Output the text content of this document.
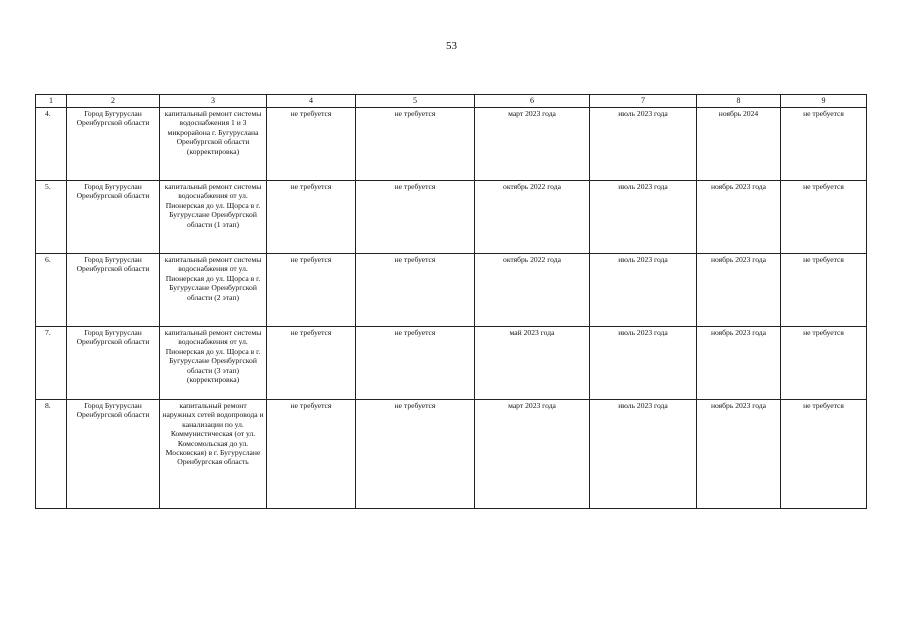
53
1	2	3	4	5	6	7	8	9
4.	Город Бугуруслан Оренбургской области	капитальный ремонт системы водоснабжения 1 и 3 микрорайона г. Бугуруслана Оренбургской области (корректировка)	не требуется	не требуется	март 2023 года	июль 2023 года	ноябрь 2024	не требуется
5.	Город Бугуруслан Оренбургской области	капитальный ремонт системы водоснабжения от ул. Пионерская до ул. Щорса в г. Бугуруслане Оренбургской области (1 этап)	не требуется	не требуется	октябрь 2022 года	июль 2023 года	ноябрь 2023 года	не требуется
6.	Город Бугуруслан Оренбургской области	капитальный ремонт системы водоснабжения от ул. Пионерская до ул. Щорса в г. Бугуруслане Оренбургской области (2 этап)	не требуется	не требуется	октябрь 2022 года	июль 2023 года	ноябрь 2023 года	не требуется
7.	Город Бугуруслан Оренбургской области	капитальный ремонт системы водоснабжения от ул. Пионерская до ул. Щорса в г. Бугуруслане Оренбургской области (3 этап) (корректировка)	не требуется	не требуется	май 2023 года	июль 2023 года	ноябрь 2023 года	не требуется
8.	Город Бугуруслан Оренбургской области	капитальный ремонт наружных сетей водопровода и канализации по ул. Коммунистическая (от ул. Комсомольская до ул. Московская) в г. Бугуруслане Оренбургская область	не требуется	не требуется	март 2023 года	июль 2023 года	ноябрь 2023 года	не требуется
